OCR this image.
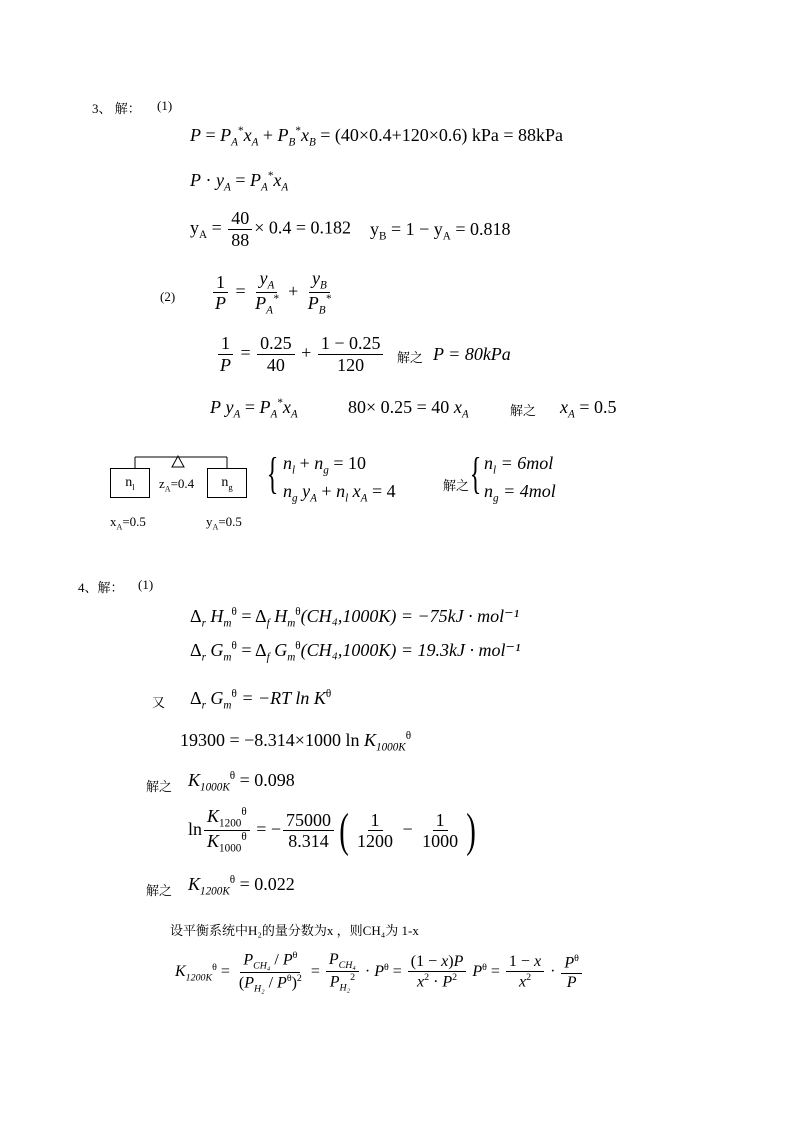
3、 解： (1)
$P = P_A^*x_A + P_B^*x_B = (40\times 0.4+120\times 0.6)$ kPa = 88kPa
$P \cdot y_A = P_A^*x_A$
$y_A = \frac{40}{88} \times 0.4 = 0.182$ $y_B = 1 - y_A = 0.818$
$(2) \frac{1}{P} = \frac{y_A}{P_A^*} + \frac{y_B}{P_B^*}$
$\frac{1}{P} = \frac{0.25}{40} + \frac{1 - 0.25}{120}$ 解之 P = 80kPa
P $y_A = P_A^*x_A$	80× 0.25 = 40 $x_A$	解之 $x_A = 0.5$
$n_l$	$n_g$
$z_A=0.4$
$x_A=0.5$	$y_A=0.5$
{ $n_l + n_g = 10$
$n_g$ $y_A + n_l$ $x_A = 4$	解之 { $n_l = 6mol$
$n_g = 4mol$
4、解： (1)
$\Delta_r$ $H_m^\theta = \Delta_f$ $H_m^\theta(CH_4,1000K) = -75kJ \cdot mol^{-1}$
$\Delta_r$ $G_m^\theta = \Delta_f$ $G_m^\theta(CH_4,1000K) = 19.3kJ \cdot mol^{-1}$
又 $\Delta_r$ $G_m^\theta = -RT$ $\ln K^\theta$
19300 = −8.314×1000 $\ln K_{1000K}^\theta$
解之 $K_{1000K}^\theta = 0.098$
$\ln \frac{K_{1200}^\theta}{K_{1000}^\theta}$ = − $\frac{75000}{8.314}$ ( $\frac{1}{1200} - \frac{1}{1000}$ )
解之 $K_{1200K}^\theta = 0.022$
设平衡系统中H₂的量分数为x ，则CH₄为 1-x
$K_{1200K}^\theta = \frac{P_{CH_4} / P^\theta}{(P_{H_2} / P^\theta)^2} = \frac{P_{CH_4}}{P_{H_2}^2} \cdot P^\theta = \frac{(1 - x)P}{x^2 \cdot P^2} P^\theta = \frac{1 - x}{x^2} \cdot \frac{P^\theta}{P}$
